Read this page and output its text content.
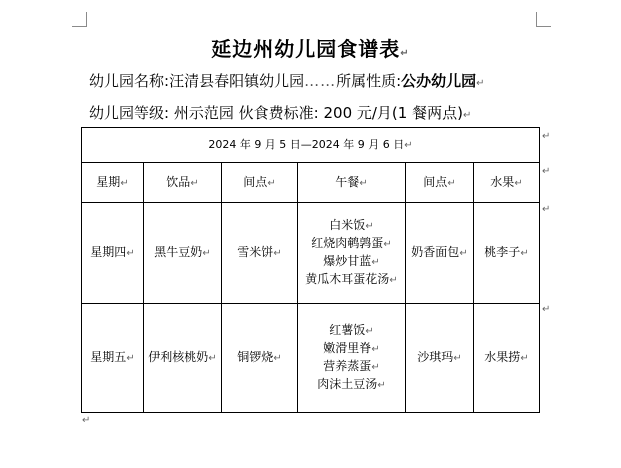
延边州幼儿园食谱表↵
幼儿园名称:汪清县春阳镇幼儿园……所属性质:公办幼儿园↵
幼儿园等级: 州示范园 伙食费标准: 200 元/月(1 餐两点)↵
2024 年 9 月 5 日—2024 年 9 月 6 日↵					
星期↵	饮品↵	间点↵	午餐↵	间点↵	水果↵
星期四↵	黑牛豆奶↵	雪米饼↵	白米饭↵
红烧肉鹌鹑蛋↵
爆炒甘蓝↵
黄瓜木耳蛋花汤↵	奶香面包↵	桃李子↵
星期五↵	伊利核桃奶↵	铜锣烧↵	红薯饭↵
嫩滑里脊↵
营养蒸蛋↵
肉沫土豆汤↵	沙琪玛↵	水果捞↵
↵
↵
↵
↵
↵
